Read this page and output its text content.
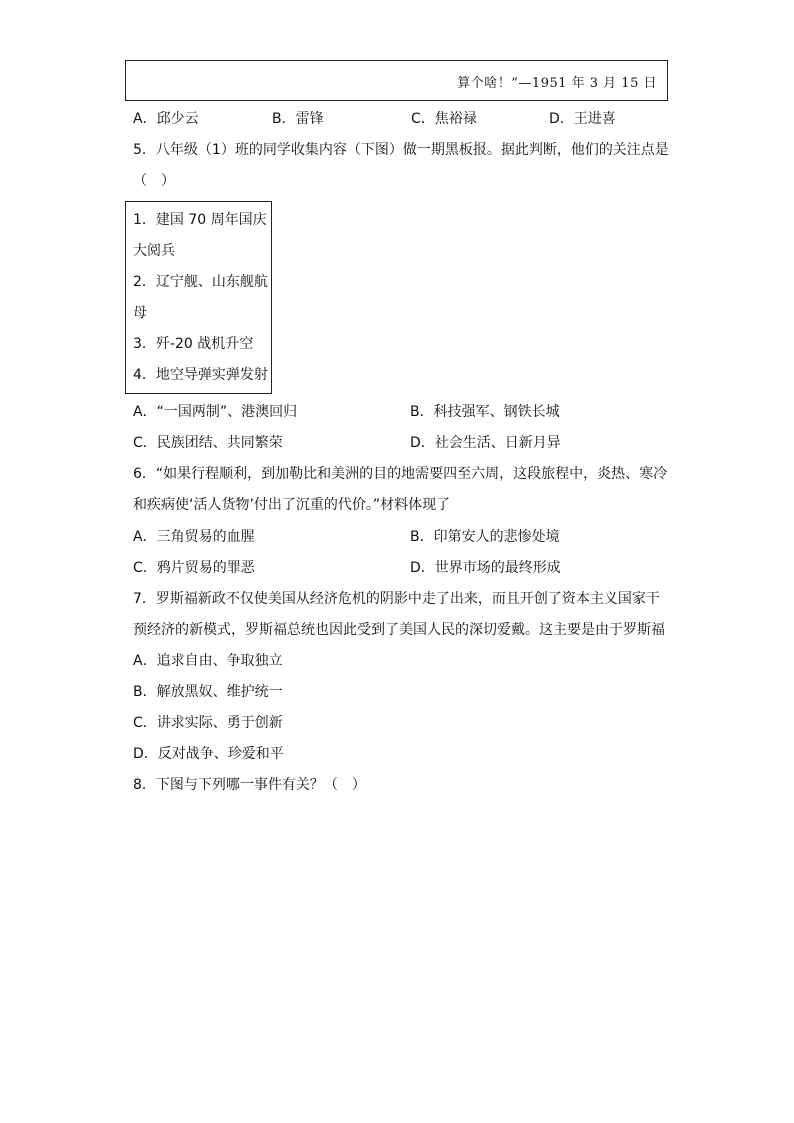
算个啥！”—1951 年 3 月 15 日
A．邱少云	B．雷锋	C．焦裕禄	D．王进喜
5．八年级（1）班的同学收集内容（下图）做一期黑板报。据此判断，他们的关注点是
（　）
1．建国 70 周年国庆
大阅兵
2．辽宁舰、山东舰航
母
3．歼-20 战机升空
4．地空导弹实弹发射
A．“一国两制”、港澳回归	B．科技强军、钢铁长城
C．民族团结、共同繁荣	D．社会生活、日新月异
6．“如果行程顺利，到加勒比和美洲的目的地需要四至六周，这段旅程中，炎热、寒冷
和疾病使‘活人货物’付出了沉重的代价。”材料体现了
A．三角贸易的血腥	B．印第安人的悲惨处境
C．鸦片贸易的罪恶	D．世界市场的最终形成
7．罗斯福新政不仅使美国从经济危机的阴影中走了出来，而且开创了资本主义国家干
预经济的新模式，罗斯福总统也因此受到了美国人民的深切爱戴。这主要是由于罗斯福
A．追求自由、争取独立
B．解放黑奴、维护统一
C．讲求实际、勇于创新
D．反对战争、珍爱和平
8．下图与下列哪一事件有关？（　）
